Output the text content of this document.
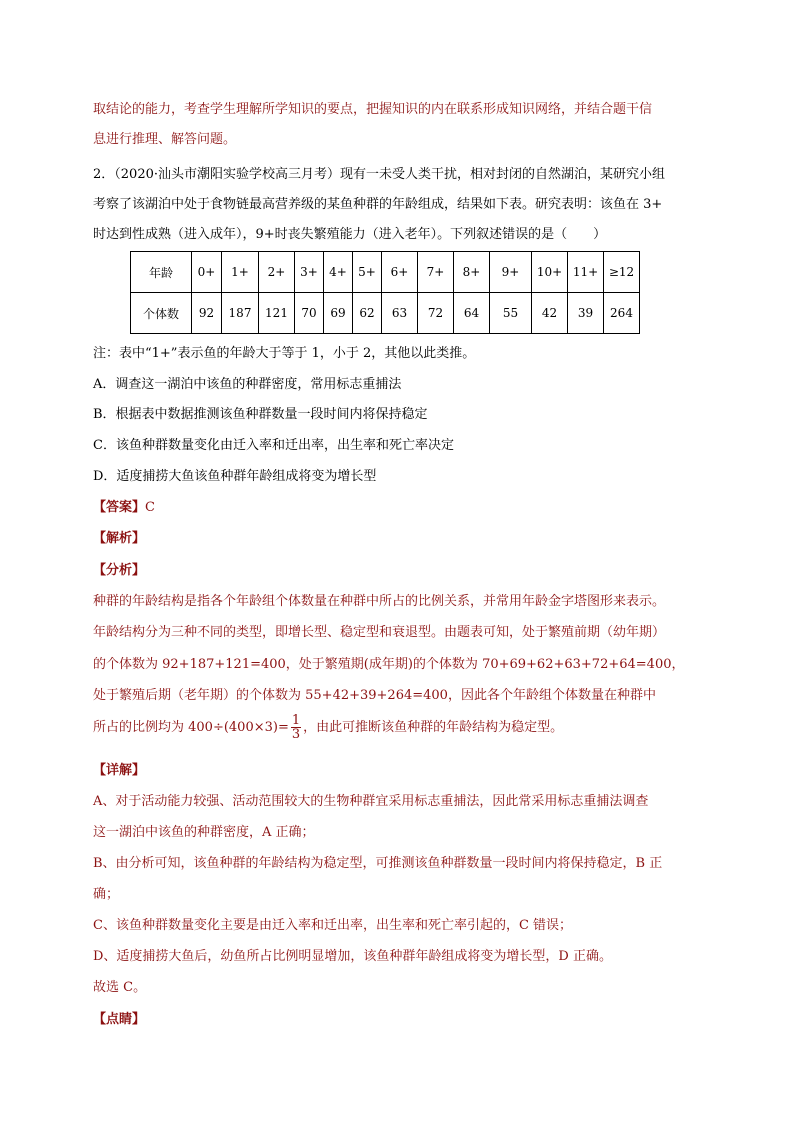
取结论的能力，考查学生理解所学知识的要点，把握知识的内在联系形成知识网络，并结合题干信
息进行推理、解答问题。
2．（2020·汕头市潮阳实验学校高三月考）现有一未受人类干扰，相对封闭的自然湖泊，某研究小组
考察了该湖泊中处于食物链最高营养级的某鱼种群的年龄组成，结果如下表。研究表明：该鱼在 3+
时达到性成熟（进入成年），9+时丧失繁殖能力（进入老年）。下列叙述错误的是（　　）
年龄	0+	1+	2+	3+	4+	5+	6+	7+	8+	9+	10+	11+	≥12
个体数	92	187	121	70	69	62	63	72	64	55	42	39	264
注：表中“1+”表示鱼的年龄大于等于 1，小于 2，其他以此类推。
A．调查这一湖泊中该鱼的种群密度，常用标志重捕法
B．根据表中数据推测该鱼种群数量一段时间内将保持稳定
C．该鱼种群数量变化由迁入率和迁出率，出生率和死亡率决定
D．适度捕捞大鱼该鱼种群年龄组成将变为增长型
【答案】C
【解析】
【分析】
种群的年龄结构是指各个年龄组个体数量在种群中所占的比例关系，并常用年龄金字塔图形来表示。
年龄结构分为三种不同的类型，即增长型、稳定型和衰退型。由题表可知，处于繁殖前期（幼年期）
的个体数为 92+187+121=400，处于繁殖期(成年期)的个体数为 70+69+62+63+72+64=400，
处于繁殖后期（老年期）的个体数为 55+42+39+264=400，因此各个年龄组个体数量在种群中
所占的比例均为 $400\div(400\times 3)= \frac{1}{3}$ ，由此可推断该鱼种群的年龄结构为稳定型。
【详解】
A、对于活动能力较强、活动范围较大的生物种群宜采用标志重捕法，因此常采用标志重捕法调查
这一湖泊中该鱼的种群密度，A 正确；
B、由分析可知，该鱼种群的年龄结构为稳定型，可推测该鱼种群数量一段时间内将保持稳定，B 正
确；
C、该鱼种群数量变化主要是由迁入率和迁出率，出生率和死亡率引起的，C 错误；
D、适度捕捞大鱼后，幼鱼所占比例明显增加，该鱼种群年龄组成将变为增长型，D 正确。
故选 C。
【点睛】
